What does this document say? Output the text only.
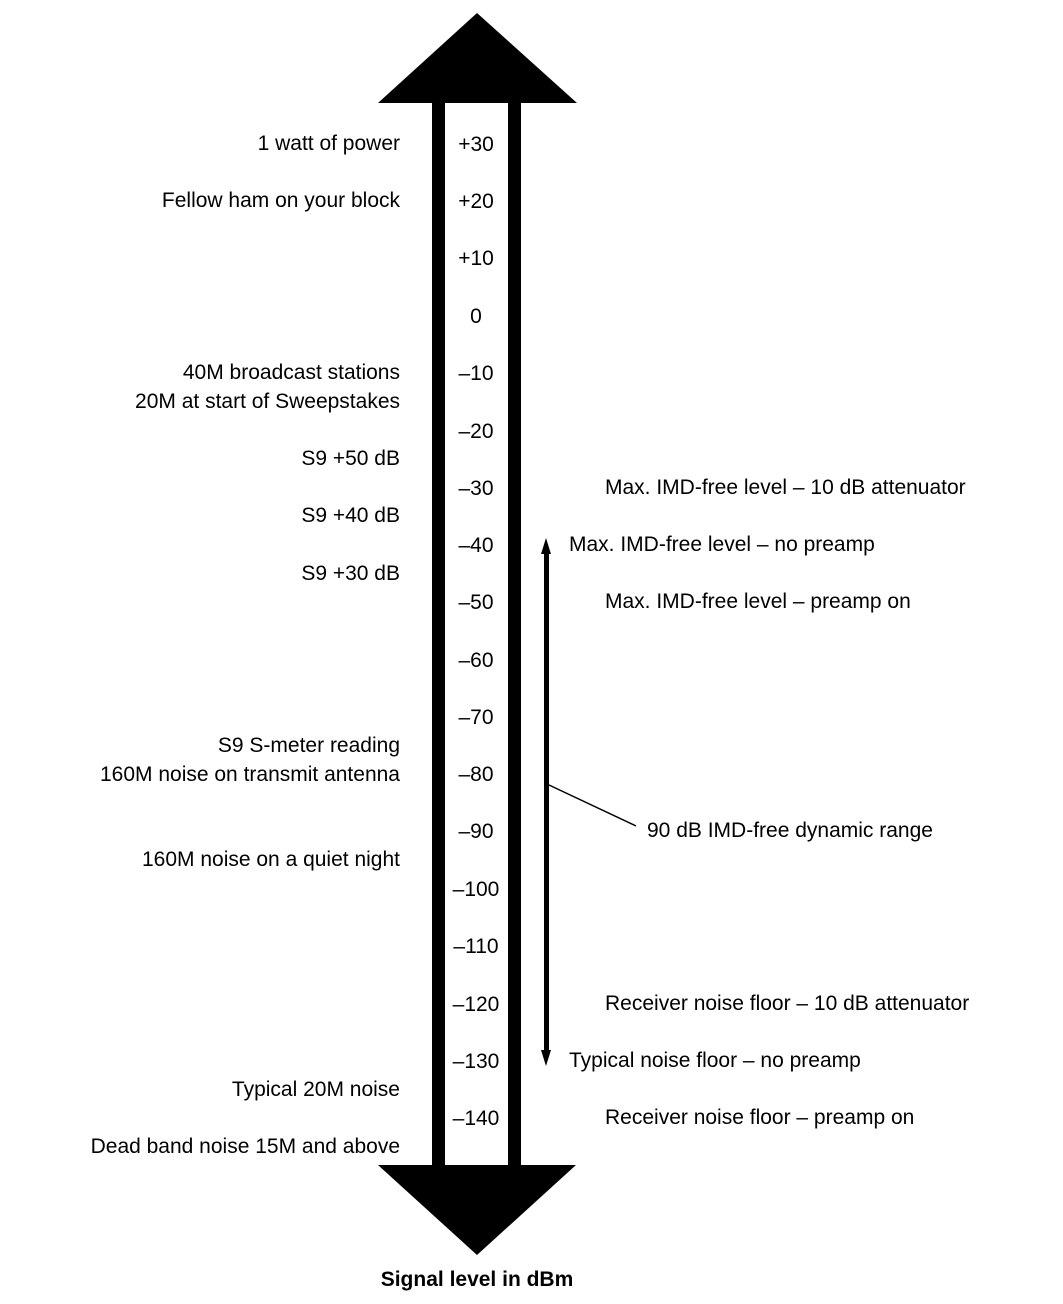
+30
+20
+10
0
–10
–20
–30
–40
–50
–60
–70
–80
–90
–100
–110
–120
–130
–140
1 watt of power
Fellow ham on your block
40M broadcast stations
20M at start of Sweepstakes
S9 +50 dB
S9 +40 dB
S9 +30 dB
S9 S-meter reading
160M noise on transmit antenna
160M noise on a quiet night
Typical 20M noise
Dead band noise 15M and above
Max. IMD-free level – 10 dB attenuator
Max. IMD-free level – no preamp
Max. IMD-free level – preamp on
90 dB IMD-free dynamic range
Receiver noise floor – 10 dB attenuator
Typical noise floor – no preamp
Receiver noise floor – preamp on
Signal level in dBm
